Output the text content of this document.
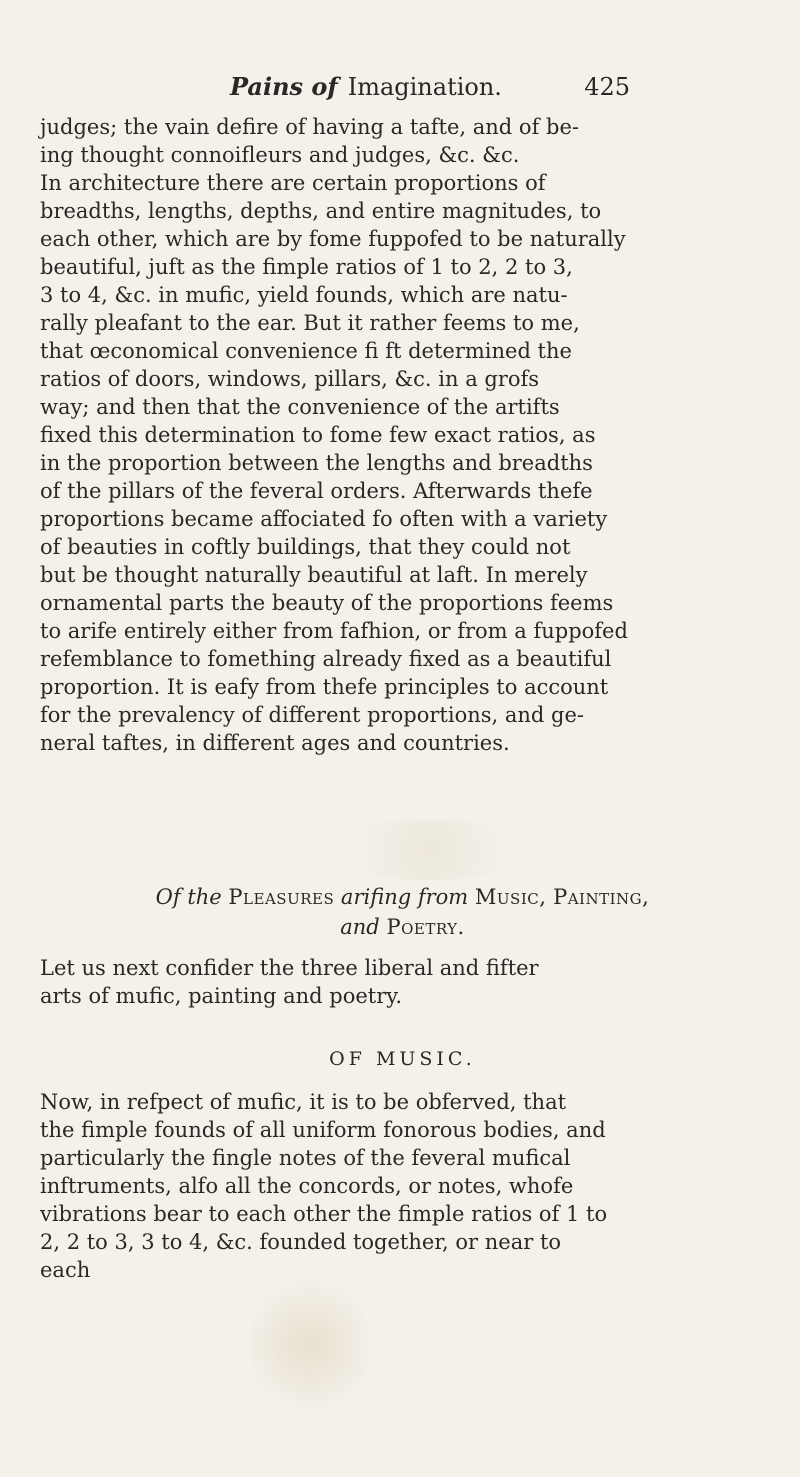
Pains of Imagination.	425

judges; the vain defire of having a tafte, and of be-
ing thought connoifleurs and judges, &c. &c.

In architecture there are certain proportions of
breadths, lengths, depths, and entire magnitudes, to
each other, which are by fome fuppofed to be naturally
beautiful, juft as the fimple ratios of 1 to 2, 2 to 3,
3 to 4, &c. in mufic, yield founds, which are natu-
rally pleafant to the ear. But it rather feems to me,
that œconomical convenience fi ft determined the
ratios of doors, windows, pillars, &c. in a grofs
way; and then that the convenience of the artifts
fixed this determination to fome few exact ratios, as
in the proportion between the lengths and breadths
of the pillars of the feveral orders. Afterwards thefe
proportions became affociated fo often with a variety
of beauties in coftly buildings, that they could not
but be thought naturally beautiful at laft. In merely
ornamental parts the beauty of the proportions feems
to arife entirely either from fafhion, or from a fuppofed
refemblance to fomething already fixed as a beautiful
proportion. It is eafy from thefe principles to account
for the prevalency of different proportions, and ge-
neral taftes, in different ages and countries.

Of the Pleasures arifing from Music, Painting,
and Poetry.

Let us next confider the three liberal and fifter
arts of mufic, painting and poetry.

OF MUSIC.

Now, in refpect of mufic, it is to be obferved, that
the fimple founds of all uniform fonorous bodies, and
particularly the fingle notes of the feveral mufical
inftruments, alfo all the concords, or notes, whofe
vibrations bear to each other the fimple ratios of 1 to
2, 2 to 3, 3 to 4, &c. founded together, or near to
each
